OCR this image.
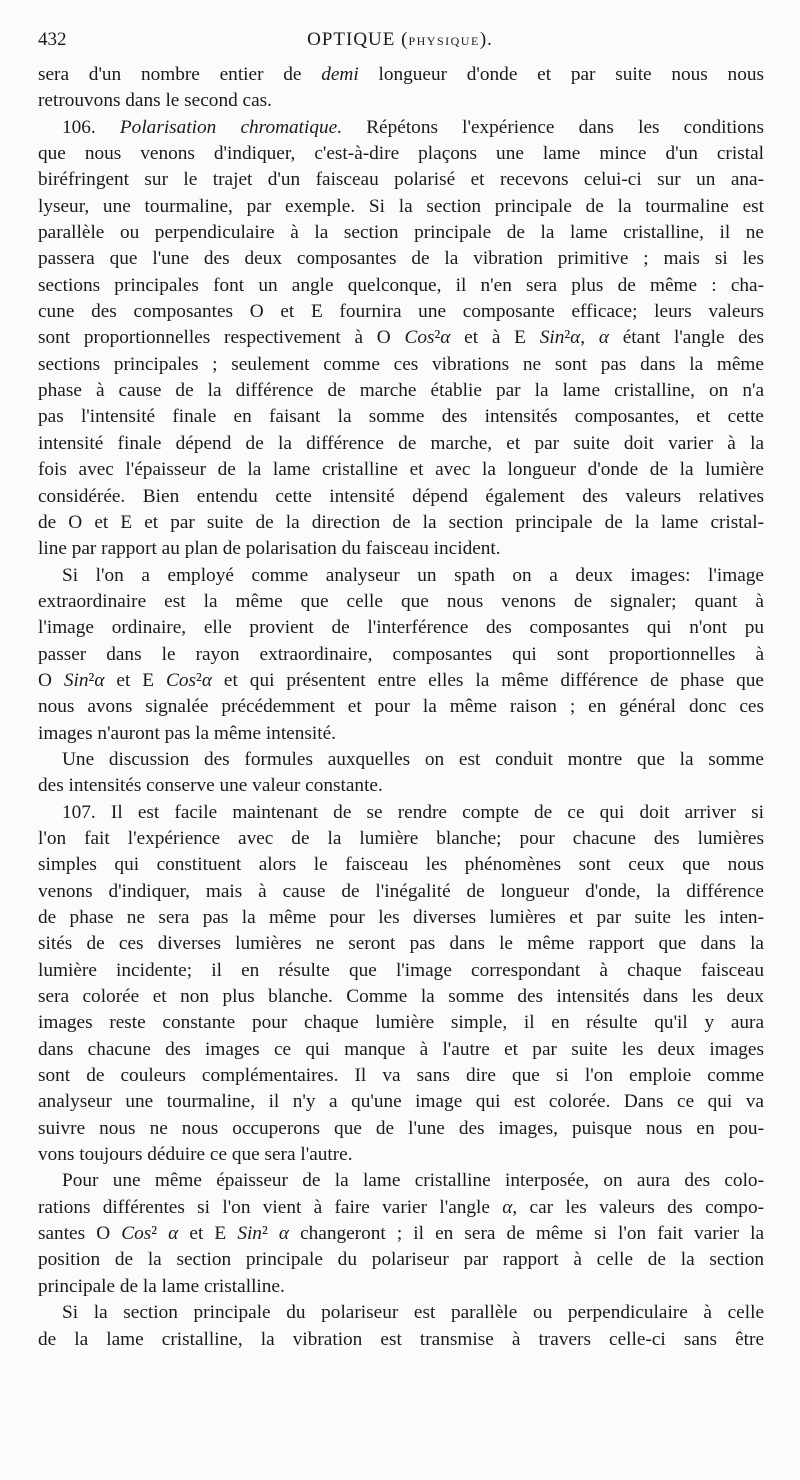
432	OPTIQUE (PHYSIQUE).
sera d'un nombre entier de demi longueur d'onde et par suite nous nous
retrouvons dans le second cas.
106. Polarisation chromatique. Répétons l'expérience dans les conditions
que nous venons d'indiquer, c'est-à-dire plaçons une lame mince d'un cristal
biréfringent sur le trajet d'un faisceau polarisé et recevons celui-ci sur un ana-
lyseur, une tourmaline, par exemple. Si la section principale de la tourmaline est
parallèle ou perpendiculaire à la section principale de la lame cristalline, il ne
passera que l'une des deux composantes de la vibration primitive ; mais si les
sections principales font un angle quelconque, il n'en sera plus de même : cha-
cune des composantes O et E fournira une composante efficace; leurs valeurs
sont proportionnelles respectivement à O Cos²α et à E Sin²α, α étant l'angle des
sections principales ; seulement comme ces vibrations ne sont pas dans la même
phase à cause de la différence de marche établie par la lame cristalline, on n'a
pas l'intensité finale en faisant la somme des intensités composantes, et cette
intensité finale dépend de la différence de marche, et par suite doit varier à la
fois avec l'épaisseur de la lame cristalline et avec la longueur d'onde de la lumière
considérée. Bien entendu cette intensité dépend également des valeurs relatives
de O et E et par suite de la direction de la section principale de la lame cristal-
line par rapport au plan de polarisation du faisceau incident.
Si l'on a employé comme analyseur un spath on a deux images: l'image
extraordinaire est la même que celle que nous venons de signaler; quant à
l'image ordinaire, elle provient de l'interférence des composantes qui n'ont pu
passer dans le rayon extraordinaire, composantes qui sont proportionnelles à
O Sin²α et E Cos²α et qui présentent entre elles la même différence de phase que
nous avons signalée précédemment et pour la même raison ; en général donc ces
images n'auront pas la même intensité.
Une discussion des formules auxquelles on est conduit montre que la somme
des intensités conserve une valeur constante.
107. Il est facile maintenant de se rendre compte de ce qui doit arriver si
l'on fait l'expérience avec de la lumière blanche; pour chacune des lumières
simples qui constituent alors le faisceau les phénomènes sont ceux que nous
venons d'indiquer, mais à cause de l'inégalité de longueur d'onde, la différence
de phase ne sera pas la même pour les diverses lumières et par suite les inten-
sités de ces diverses lumières ne seront pas dans le même rapport que dans la
lumière incidente; il en résulte que l'image correspondant à chaque faisceau
sera colorée et non plus blanche. Comme la somme des intensités dans les deux
images reste constante pour chaque lumière simple, il en résulte qu'il y aura
dans chacune des images ce qui manque à l'autre et par suite les deux images
sont de couleurs complémentaires. Il va sans dire que si l'on emploie comme
analyseur une tourmaline, il n'y a qu'une image qui est colorée. Dans ce qui va
suivre nous ne nous occuperons que de l'une des images, puisque nous en pou-
vons toujours déduire ce que sera l'autre.
Pour une même épaisseur de la lame cristalline interposée, on aura des colo-
rations différentes si l'on vient à faire varier l'angle α, car les valeurs des compo-
santes O Cos² α et E Sin² α changeront ; il en sera de même si l'on fait varier la
position de la section principale du polariseur par rapport à celle de la section
principale de la lame cristalline.
Si la section principale du polariseur est parallèle ou perpendiculaire à celle
de la lame cristalline, la vibration est transmise à travers celle-ci sans être
